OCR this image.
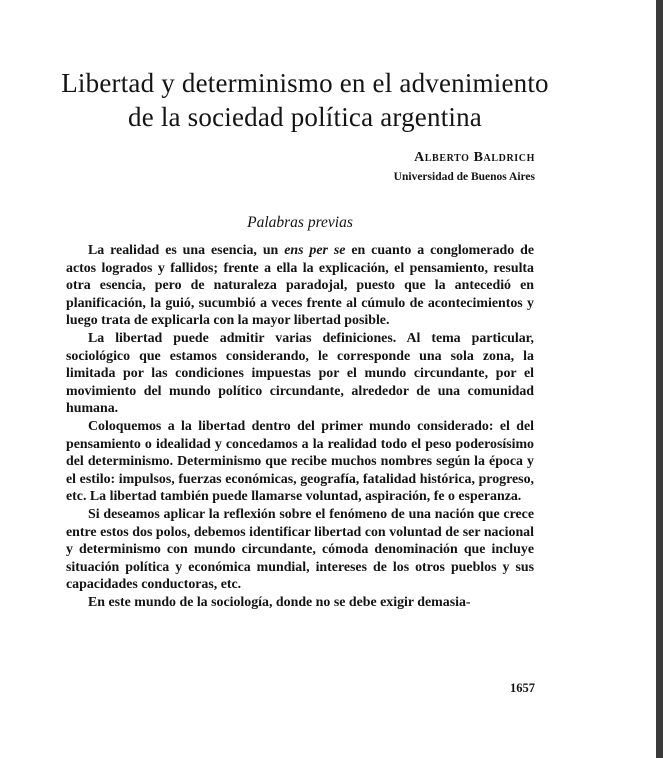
Libertad y determinismo en el advenimiento
de la sociedad política argentina
Alberto Baldrich
Universidad de Buenos Aires
Palabras previas

La realidad es una esencia, un ens per se en cuanto a conglomerado de actos logrados y fallidos; frente a ella la explicación, el pensamiento, resulta otra esencia, pero de naturaleza paradojal, puesto que la antecedió en planificación, la guió, sucumbió a veces frente al cúmulo de acontecimientos y luego trata de explicarla con la mayor libertad posible.

La libertad puede admitir varias definiciones. Al tema particular, sociológico que estamos considerando, le corresponde una sola zona, la limitada por las condiciones impuestas por el mundo circundante, por el movimiento del mundo político circundante, alrededor de una comunidad humana.

Coloquemos a la libertad dentro del primer mundo considerado: el del pensamiento o idealidad y concedamos a la realidad todo el peso poderosísimo del determinismo. Determinismo que recibe muchos nombres según la época y el estilo: impulsos, fuerzas económicas, geografía, fatalidad histórica, progreso, etc. La libertad también puede llamarse voluntad, aspiración, fe o esperanza.

Si deseamos aplicar la reflexión sobre el fenómeno de una nación que crece entre estos dos polos, debemos identificar libertad con voluntad de ser nacional y determinismo con mundo circundante, cómoda denominación que incluye situación política y económica mundial, intereses de los otros pueblos y sus capacidades conductoras, etc.

En este mundo de la sociología, donde no se debe exigir demasia-

1657
